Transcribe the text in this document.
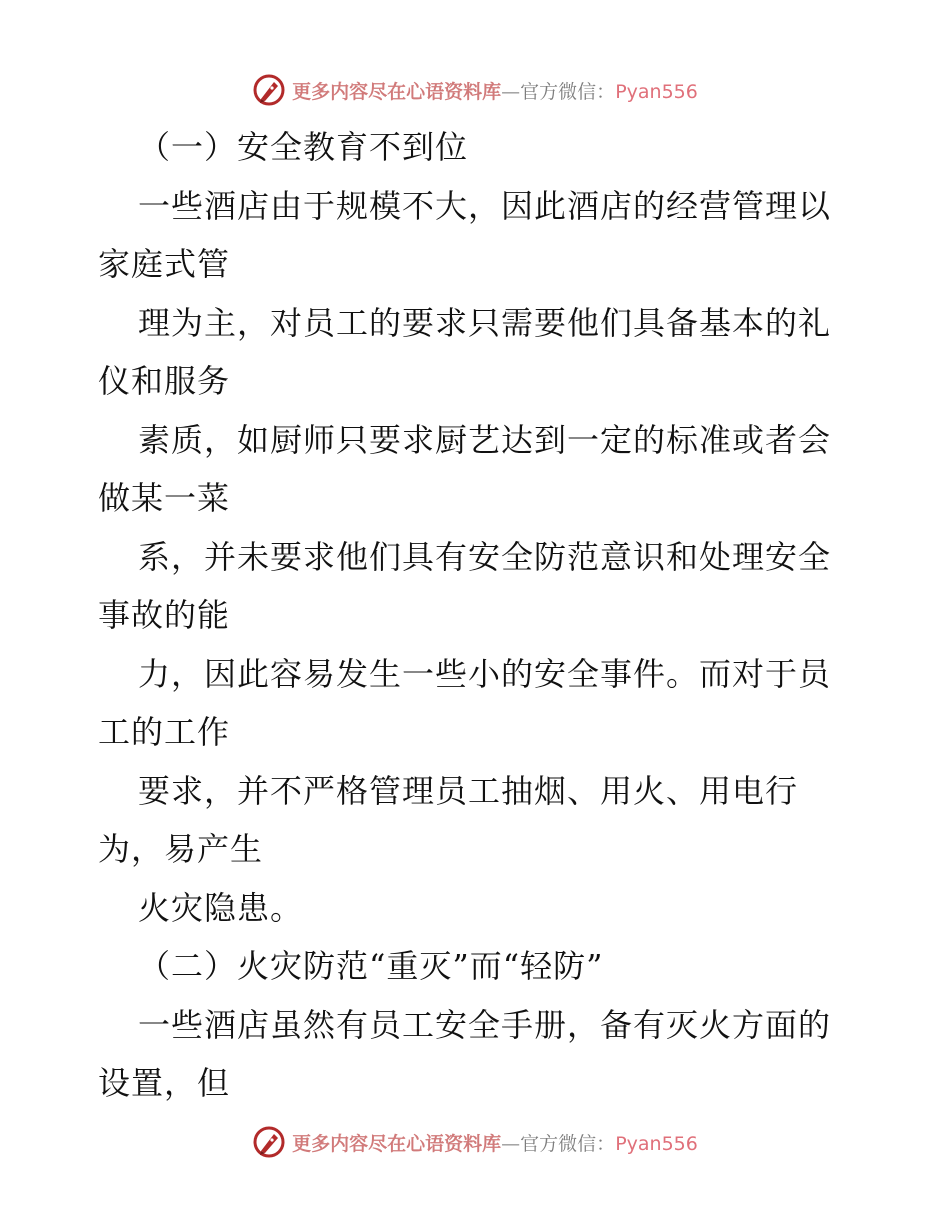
更多内容尽在心语资料库—官方微信：Pyan556
（一）安全教育不到位
一些酒店由于规模不大，因此酒店的经营管理以
家庭式管
理为主，对员工的要求只需要他们具备基本的礼
仪和服务
素质，如厨师只要求厨艺达到一定的标准或者会
做某一菜
系，并未要求他们具有安全防范意识和处理安全
事故的能
力，因此容易发生一些小的安全事件。而对于员
工的工作
要求，并不严格管理员工抽烟、用火、用电行
为，易产生
火灾隐患。
（二）火灾防范“重灭”而“轻防”
一些酒店虽然有员工安全手册，备有灭火方面的
设置，但
更多内容尽在心语资料库—官方微信：Pyan556
